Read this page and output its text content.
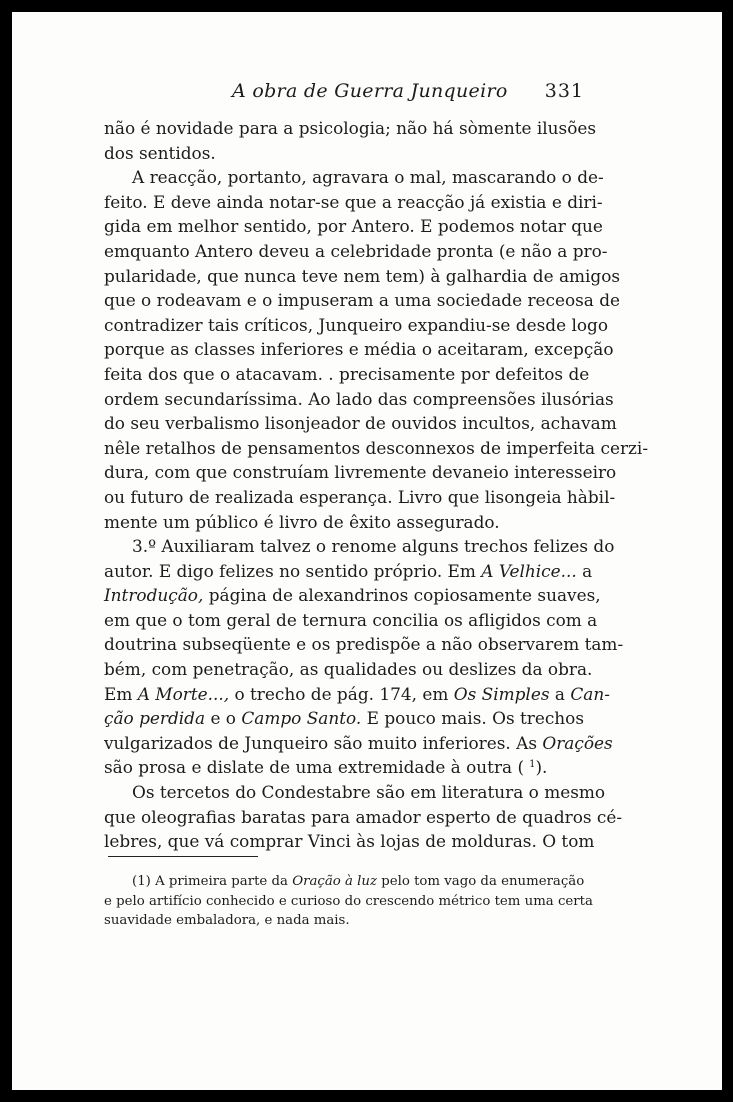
A obra de Guerra Junqueiro 331
não é novidade para a psicologia; não há sòmente ilusões
dos sentidos.
A reacção, portanto, agravara o mal, mascarando o de-
feito. E deve ainda notar-se que a reacção já existia e diri-
gida em melhor sentido, por Antero. E podemos notar que
emquanto Antero deveu a celebridade pronta (e não a pro-
pularidade, que nunca teve nem tem) à galhardia de amigos
que o rodeavam e o impuseram a uma sociedade receosa de
contradizer tais críticos, Junqueiro expandiu-se desde logo
porque as classes inferiores e média o aceitaram, excepção
feita dos que o atacavam. . precisamente por defeitos de
ordem secundaríssima. Ao lado das compreensões ilusórias
do seu verbalismo lisonjeador de ouvidos incultos, achavam
nêle retalhos de pensamentos desconnexos de imperfeita cerzi-
dura, com que construíam livremente devaneio interesseiro
ou futuro de realizada esperança. Livro que lisongeia hàbil-
mente um público é livro de êxito assegurado.
3.º Auxiliaram talvez o renome alguns trechos felizes do
autor. E digo felizes no sentido próprio. Em A Velhice... a
Introdução, página de alexandrinos copiosamente suaves,
em que o tom geral de ternura concilia os afligidos com a
doutrina subseqüente e os predispõe a não observarem tam-
bém, com penetração, as qualidades ou deslizes da obra.
Em A Morte..., o trecho de pág. 174, em Os Simples a Can-
ção perdida e o Campo Santo. E pouco mais. Os trechos
vulgarizados de Junqueiro são muito inferiores. As Orações
são prosa e dislate de uma extremidade à outra ( $^1$).
Os tercetos do Condestabre são em literatura o mesmo
que oleografias baratas para amador esperto de quadros cé-
lebres, que vá comprar Vinci às lojas de molduras. O tom
(1) A primeira parte da Oração à luz pelo tom vago da enumeração
e pelo artifício conhecido e curioso do crescendo métrico tem uma certa
suavidade embaladora, e nada mais.
